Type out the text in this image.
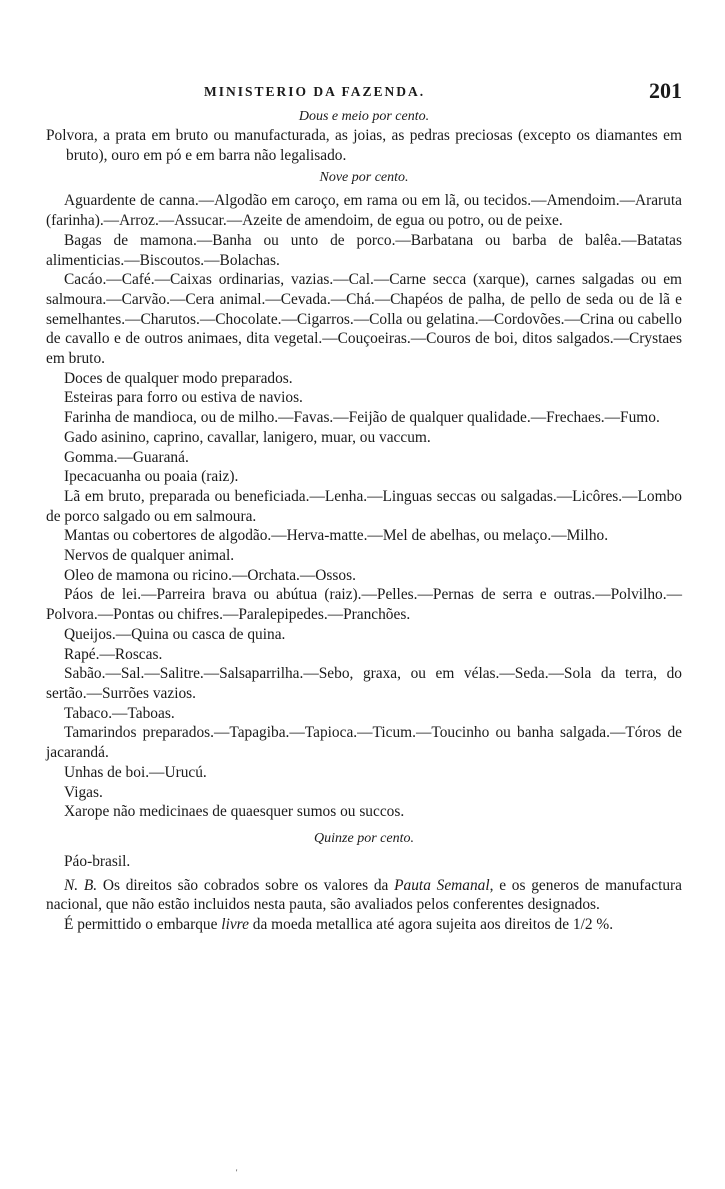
MINISTERIO DA FAZENDA.	201

Dous e meio por cento.

Polvora, a prata em bruto ou manufacturada, as joias, as pedras preciosas (excepto os diamantes em bruto), ouro em pó e em barra não legalisado.

Nove por cento.

Aguardente de canna.—Algodão em caroço, em rama ou em lã, ou tecidos.—Amendoim.—Araruta (farinha).—Arroz.—Assucar.—Azeite de amendoim, de egua ou potro, ou de peixe.

Bagas de mamona.—Banha ou unto de porco.—Barbatana ou barba de balêa.—Batatas alimenticias.—Biscoutos.—Bolachas.

Cacáo.—Café.—Caixas ordinarias, vazias.—Cal.—Carne secca (xarque), carnes salgadas ou em salmoura.—Carvão.—Cera animal.—Cevada.—Chá.—Chapéos de palha, de pello de seda ou de lã e semelhantes.—Charutos.—Chocolate.—Cigarros.—Colla ou gelatina.—Cordovões.—Crina ou cabello de cavallo e de outros animaes, dita vegetal.—Couçoeiras.—Couros de boi, ditos salgados.—Crystaes em bruto.

Doces de qualquer modo preparados.

Esteiras para forro ou estiva de navios.

Farinha de mandioca, ou de milho.—Favas.—Feijão de qualquer qualidade.—Frechaes.—Fumo.

Gado asinino, caprino, cavallar, lanigero, muar, ou vaccum.

Gomma.—Guaraná.

Ipecacuanha ou poaia (raiz).

Lã em bruto, preparada ou beneficiada.—Lenha.—Linguas seccas ou salgadas.—Licôres.—Lombo de porco salgado ou em salmoura.

Mantas ou cobertores de algodão.—Herva-matte.—Mel de abelhas, ou melaço.—Milho.

Nervos de qualquer animal.

Oleo de mamona ou ricino.—Orchata.—Ossos.

Páos de lei.—Parreira brava ou abútua (raiz).—Pelles.—Pernas de serra e outras.—Polvilho.—Polvora.—Pontas ou chifres.—Paralepipedes.—Pranchões.

Queijos.—Quina ou casca de quina.

Rapé.—Roscas.

Sabão.—Sal.—Salitre.—Salsaparrilha.—Sebo, graxa, ou em vélas.—Seda.—Sola da terra, do sertão.—Surrões vazios.

Tabaco.—Taboas.

Tamarindos preparados.—Tapagiba.—Tapioca.—Ticum.—Toucinho ou banha salgada.—Tóros de jacarandá.

Unhas de boi.—Urucú.

Vigas.

Xarope não medicinaes de quaesquer sumos ou succos.

Quinze por cento.

Páo-brasil.

N. B. Os direitos são cobrados sobre os valores da Pauta Semanal, e os generos de manufactura nacional, que não estão incluidos nesta pauta, são avaliados pelos conferentes designados.

É permittido o embarque livre da moeda metallica até agora sujeita aos direitos de 1/2 %.

'
